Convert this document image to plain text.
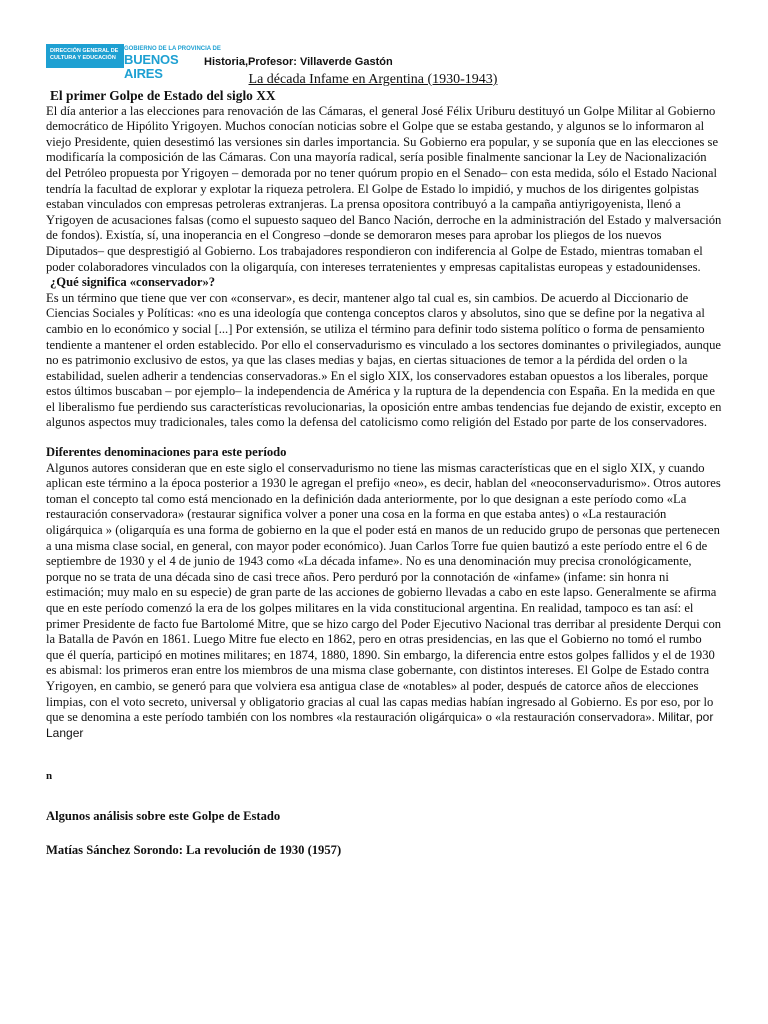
DIRECCIÓN GENERAL DE
CULTURA Y EDUCACIÓN
GOBIERNO DE LA PROVINCIA DE
BUENOS AIRES
Historia,Profesor: Villaverde Gastón
La década Infame en Argentina (1930-1943)

El primer Golpe de Estado del siglo XX

El día anterior a las elecciones para renovación de las Cámaras, el general José Félix Uriburu destituyó un Golpe Militar al Gobierno democrático de Hipólito Yrigoyen. Muchos conocían noticias sobre el Golpe que se estaba gestando, y algunos se lo informaron al viejo Presidente, quien desestimó las versiones sin darles importancia. Su Gobierno era popular, y se suponía que en las elecciones se modificaría la composición de las Cámaras. Con una mayoría radical, sería posible finalmente sancionar la Ley de Nacionalización del Petróleo propuesta por Yrigoyen – demorada por no tener quórum propio en el Senado– con esta medida, sólo el Estado Nacional tendría la facultad de explorar y explotar la riqueza petrolera. El Golpe de Estado lo impidió, y muchos de los dirigentes golpistas estaban vinculados con empresas petroleras extranjeras. La prensa opositora contribuyó a la campaña antiyrigoyenista, llenó a Yrigoyen de acusaciones falsas (como el supuesto saqueo del Banco Nación, derroche en la administración del Estado y malversación de fondos). Existía, sí, una inoperancia en el Congreso –donde se demoraron meses para aprobar los pliegos de los nuevos Diputados– que desprestigió al Gobierno. Los trabajadores respondieron con indiferencia al Golpe de Estado, mientras tomaban el poder colaboradores vinculados con la oligarquía, con intereses terratenientes y empresas capitalistas europeas y estadounidenses.

¿Qué significa «conservador»?

Es un término que tiene que ver con «conservar», es decir, mantener algo tal cual es, sin cambios. De acuerdo al Diccionario de Ciencias Sociales y Políticas: «no es una ideología que contenga conceptos claros y absolutos, sino que se define por la negativa al cambio en lo económico y social [...] Por extensión, se utiliza el término para definir todo sistema político o forma de pensamiento tendiente a mantener el orden establecido. Por ello el conservadurismo es vinculado a los sectores dominantes o privilegiados, aunque no es patrimonio exclusivo de estos, ya que las clases medias y bajas, en ciertas situaciones de temor a la pérdida del orden o la estabilidad, suelen adherir a tendencias conservadoras.» En el siglo XIX, los conservadores estaban opuestos a los liberales, porque estos últimos buscaban – por ejemplo– la independencia de América y la ruptura de la dependencia con España. En la medida en que el liberalismo fue perdiendo sus características revolucionarias, la oposición entre ambas tendencias fue dejando de existir, excepto en algunos aspectos muy tradicionales, tales como la defensa del catolicismo como religión del Estado por parte de los conservadores.

Diferentes denominaciones para este período

Algunos autores consideran que en este siglo el conservadurismo no tiene las mismas características que en el siglo XIX, y cuando aplican este término a la época posterior a 1930 le agregan el prefijo «neo», es decir, hablan del «neoconservadurismo». Otros autores toman el concepto tal como está mencionado en la definición dada anteriormente, por lo que designan a este período como «La restauración conservadora» (restaurar significa volver a poner una cosa en la forma en que estaba antes) o «La restauración oligárquica » (oligarquía es una forma de gobierno en la que el poder está en manos de un reducido grupo de personas que pertenecen a una misma clase social, en general, con mayor poder económico). Juan Carlos Torre fue quien bautizó a este período entre el 6 de septiembre de 1930 y el 4 de junio de 1943 como «La década infame». No es una denominación muy precisa cronológicamente, porque no se trata de una década sino de casi trece años. Pero perduró por la connotación de «infame» (infame: sin honra ni estimación; muy malo en su especie) de gran parte de las acciones de gobierno llevadas a cabo en este lapso. Generalmente se afirma que en este período comenzó la era de los golpes militares en la vida constitucional argentina. En realidad, tampoco es tan así: el primer Presidente de facto fue Bartolomé Mitre, que se hizo cargo del Poder Ejecutivo Nacional tras derribar al presidente Derqui con la Batalla de Pavón en 1861. Luego Mitre fue electo en 1862, pero en otras presidencias, en las que el Gobierno no tomó el rumbo que él quería, participó en motines militares; en 1874, 1880, 1890. Sin embargo, la diferencia entre estos golpes fallidos y el de 1930 es abismal: los primeros eran entre los miembros de una misma clase gobernante, con distintos intereses. El Golpe de Estado contra Yrigoyen, en cambio, se generó para que volviera esa antigua clase de «notables» al poder, después de catorce años de elecciones limpias, con el voto secreto, universal y obligatorio gracias al cual las capas medias habían ingresado al Gobierno. Es por eso, por lo que se denomina a este período también con los nombres «la restauración oligárquica» o «la restauración conservadora». Militar, por Langer

n

Algunos análisis sobre este Golpe de Estado

Matías Sánchez Sorondo: La revolución de 1930 (1957)
